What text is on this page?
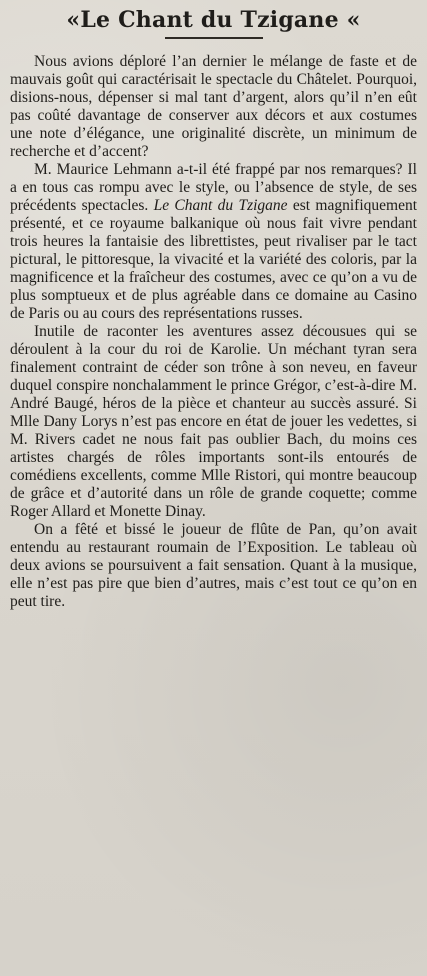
«Le Chant du Tzigane «

Nous avions déploré l’an dernier le mélange de faste et de mauvais goût qui caractérisait le spectacle du Châtelet. Pourquoi, disions-nous, dépenser si mal tant d’argent, alors qu’il n’en eût pas coûté davantage de conserver aux décors et aux costumes une note d’élégance, une originalité discrète, un minimum de recherche et d’accent?

M. Maurice Lehmann a-t-il été frappé par nos remarques? Il a en tous cas rompu avec le style, ou l’absence de style, de ses précédents spectacles. Le Chant du Tzigane est magnifiquement présenté, et ce royaume balkanique où nous fait vivre pendant trois heures la fantaisie des librettistes, peut rivaliser par le tact pictural, le pittoresque, la vivacité et la variété des coloris, par la magnificence et la fraîcheur des costumes, avec ce qu’on a vu de plus somptueux et de plus agréable dans ce domaine au Casino de Paris ou au cours des représentations russes.

Inutile de raconter les aventures assez décousues qui se déroulent à la cour du roi de Karolie. Un méchant tyran sera finalement contraint de céder son trône à son neveu, en faveur duquel conspire nonchalamment le prince Grégor, c’est-à-dire M. André Baugé, héros de la pièce et chanteur au succès assuré. Si Mlle Dany Lorys n’est pas encore en état de jouer les vedettes, si M. Rivers cadet ne nous fait pas oublier Bach, du moins ces artistes chargés de rôles importants sont-ils entourés de comédiens excellents, comme Mlle Ristori, qui montre beaucoup de grâce et d’autorité dans un rôle de grande coquette; comme Roger Allard et Monette Dinay.

On a fêté et bissé le joueur de flûte de Pan, qu’on avait entendu au restaurant roumain de l’Exposition. Le tableau où deux avions se poursuivent a fait sensation. Quant à la musique, elle n’est pas pire que bien d’autres, mais c’est tout ce qu’on en peut tire.
